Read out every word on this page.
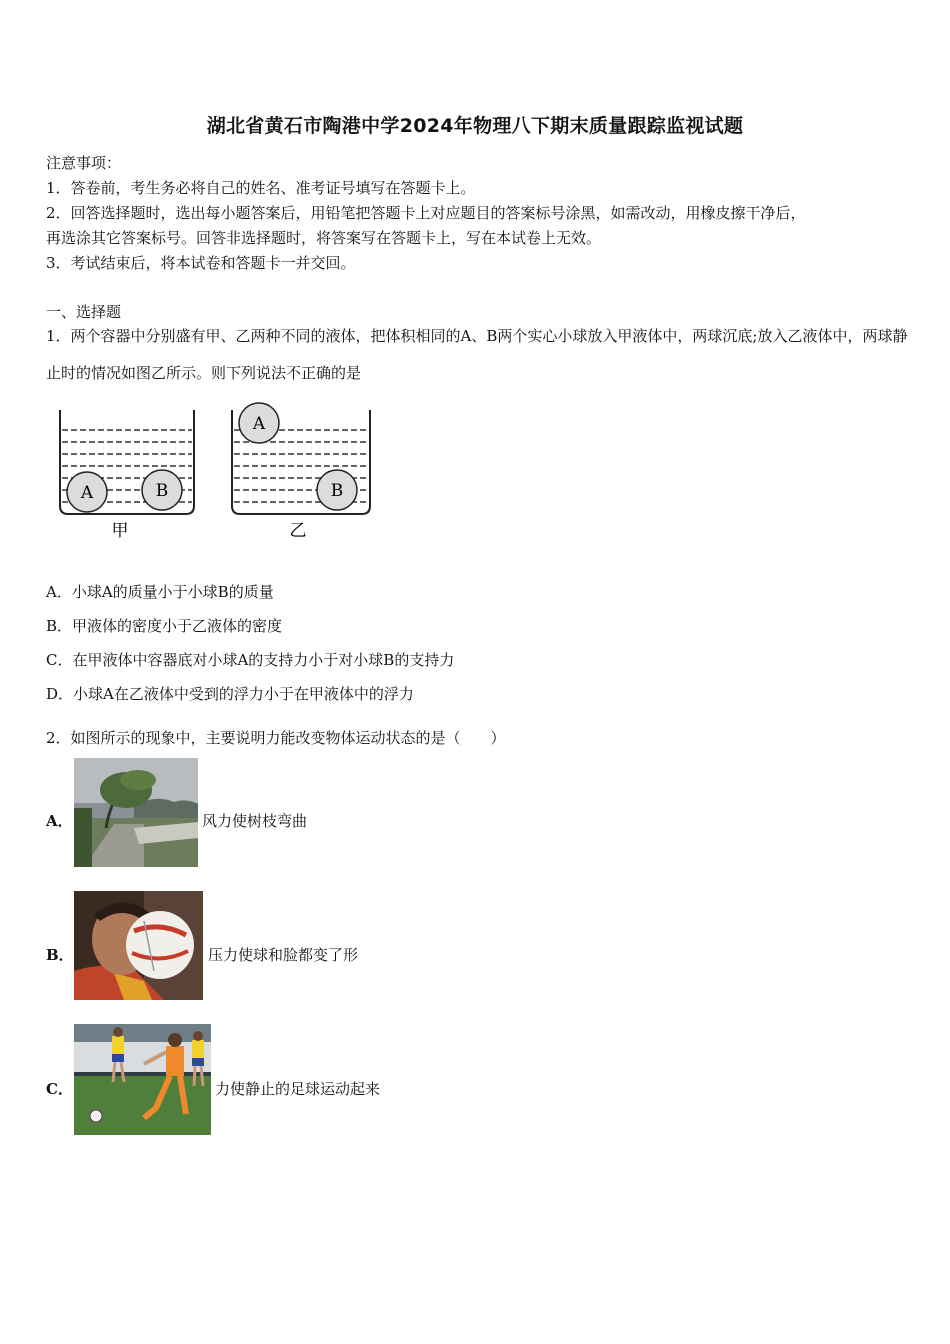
湖北省黄石市陶港中学2024年物理八下期末质量跟踪监视试题
注意事项：
1．答卷前，考生务必将自己的姓名、准考证号填写在答题卡上。
2．回答选择题时，选出每小题答案后，用铅笔把答题卡上对应题目的答案标号涂黑，如需改动，用橡皮擦干净后，
再选涂其它答案标号。回答非选择题时，将答案写在答题卡上，写在本试卷上无效。
3．考试结束后，将本试卷和答题卡一并交回。
一、选择题
1．两个容器中分别盛有甲、乙两种不同的液体，把体积相同的A、B两个实心小球放入甲液体中，两球沉底;放入乙液体中，两球静止时的情况如图乙所示。则下列说法不正确的是
A	B
甲
A
B
乙
A．小球A的质量小于小球B的质量
B．甲液体的密度小于乙液体的密度
C．在甲液体中容器底对小球A的支持力小于对小球B的支持力
D．小球A在乙液体中受到的浮力小于在甲液体中的浮力
2．如图所示的现象中，主要说明力能改变物体运动状态的是（　　）
A．	风力使树枝弯曲
B．	压力使球和脸都变了形
C．	力使静止的足球运动起来
